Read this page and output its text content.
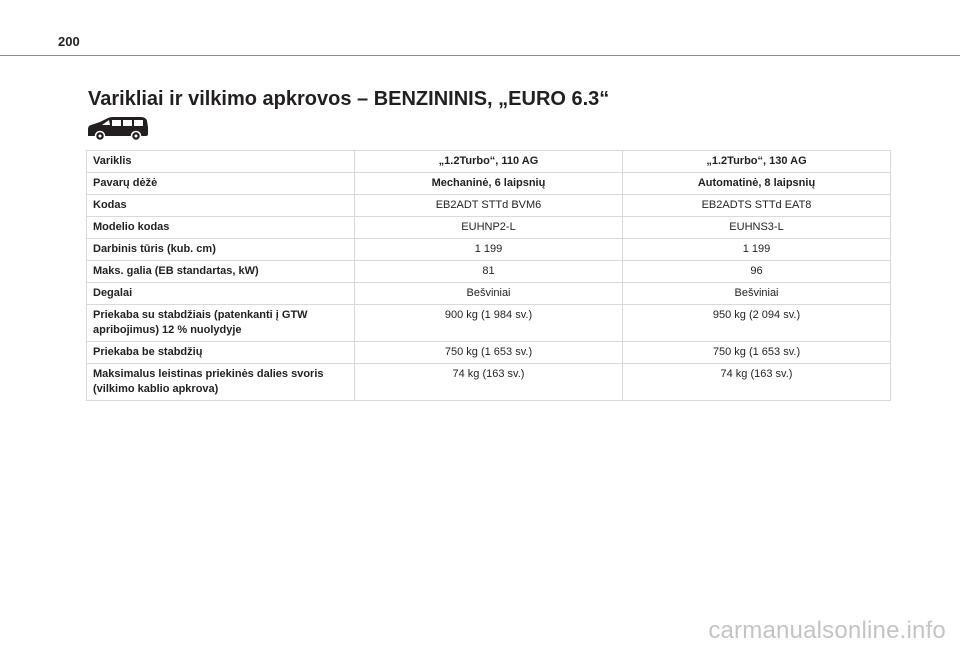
200
Varikliai ir vilkimo apkrovos – BENZININIS, „EURO 6.3“
Variklis	„1.2Turbo“, 110 AG	„1.2Turbo“, 130 AG
Pavarų dėžė	Mechaninė, 6 laipsnių	Automatinė, 8 laipsnių
Kodas	EB2ADT STTd BVM6	EB2ADTS STTd EAT8
Modelio kodas	EUHNP2-L	EUHNS3-L
Darbinis tūris (kub. cm)	1 199	1 199
Maks. galia (EB standartas, kW)	81	96
Degalai	Bešviniai	Bešviniai
Priekaba su stabdžiais (patenkanti į GTW apribojimus) 12 % nuolydyje	900 kg (1 984 sv.)	950 kg (2 094 sv.)
Priekaba be stabdžių	750 kg (1 653 sv.)	750 kg (1 653 sv.)
Maksimalus leistinas priekinės dalies svoris (vilkimo kablio apkrova)	74 kg (163 sv.)	74 kg (163 sv.)
carmanualsonline.info
